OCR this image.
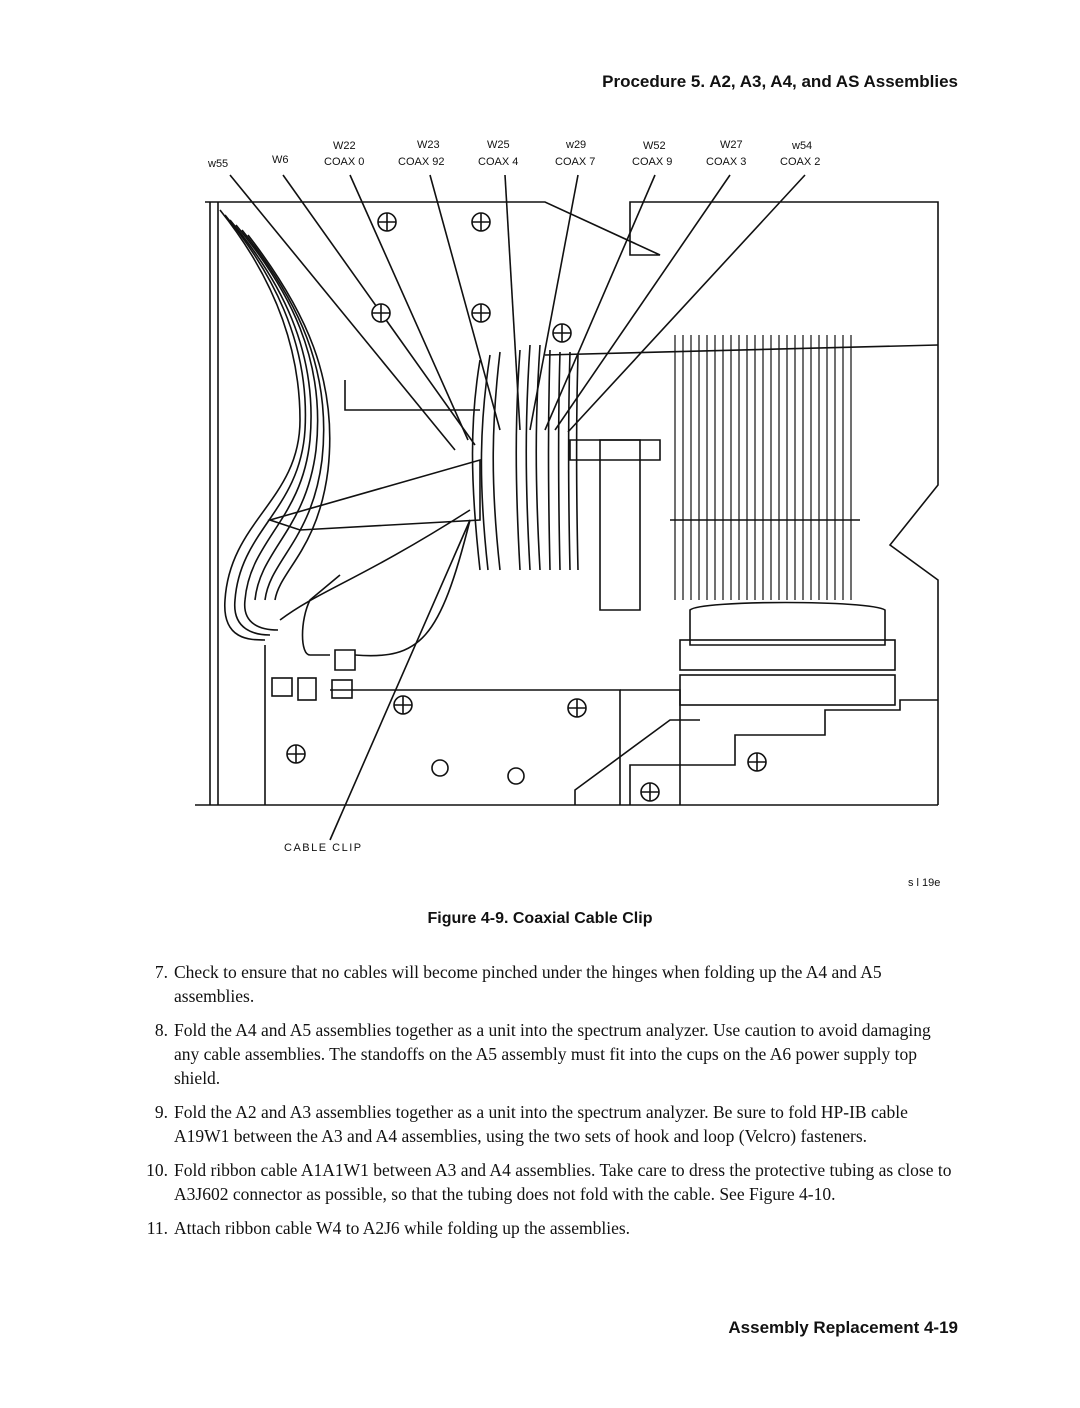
Procedure 5. A2, A3, A4, and AS Assemblies
w55	W6
W22
COAX 0
W23
COAX 92
W25
COAX 4
w29
COAX 7
W52
COAX 9
W27
COAX 3
w54
COAX 2
CABLE CLIP
s l 19e
Figure 4-9. Coaxial Cable Clip
7. Check to ensure that no cables will become pinched under the hinges when folding up the A4 and A5 assemblies.
8. Fold the A4 and A5 assemblies together as a unit into the spectrum analyzer. Use caution to avoid damaging any cable assemblies. The standoffs on the A5 assembly must fit into the cups on the A6 power supply top shield.
9. Fold the A2 and A3 assemblies together as a unit into the spectrum analyzer. Be sure to fold HP-IB cable A19W1 between the A3 and A4 assemblies, using the two sets of hook and loop (Velcro) fasteners.
10. Fold ribbon cable A1A1W1 between A3 and A4 assemblies. Take care to dress the protective tubing as close to A3J602 connector as possible, so that the tubing does not fold with the cable. See Figure 4-10.
11. Attach ribbon cable W4 to A2J6 while folding up the assemblies.
Assembly Replacement 4-19
